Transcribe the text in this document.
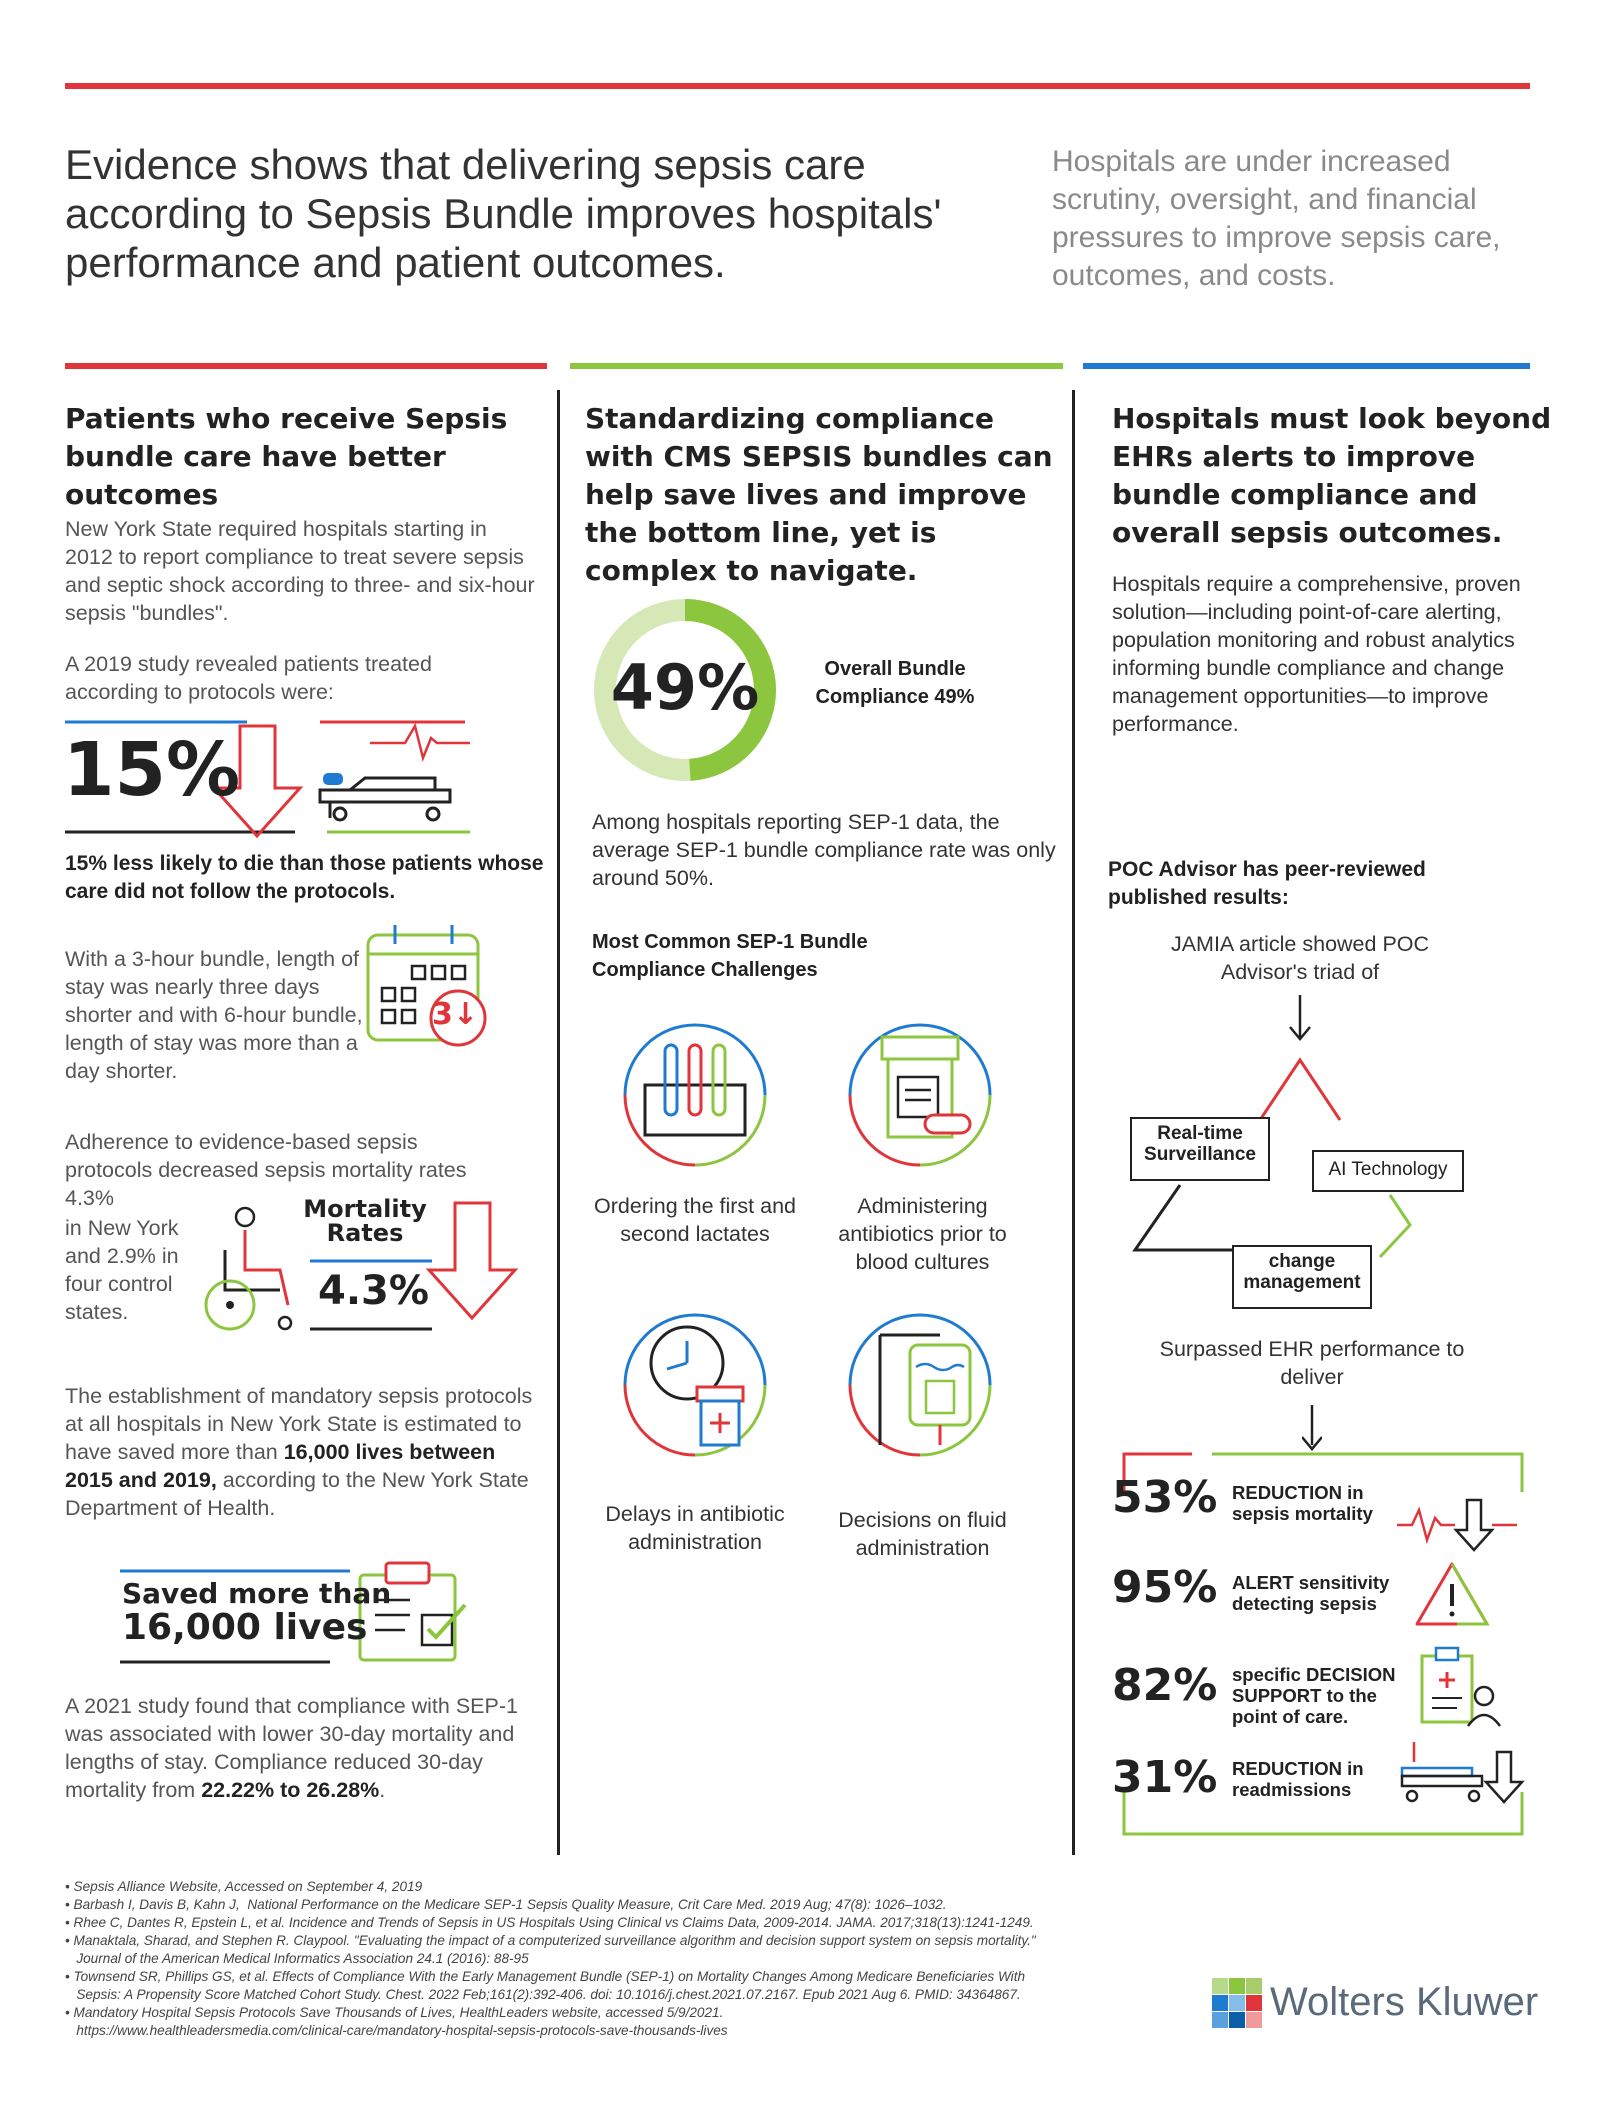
Evidence shows that delivering sepsis care according to Sepsis Bundle improves hospitals' performance and patient outcomes.
Hospitals are under increased scrutiny, oversight, and financial pressures to improve sepsis care, outcomes, and costs.
Patients who receive Sepsis bundle care have better outcomes
New York State required hospitals starting in 2012 to report compliance to treat severe sepsis and septic shock according to three- and six-hour sepsis "bundles".
A 2019 study revealed patients treated according to protocols were:
15%
15% less likely to die than those patients whose care did not follow the protocols.
With a 3-hour bundle, length of stay was nearly three days shorter and with 6-hour bundle, length of stay was more than a day shorter.
3↓
Adherence to evidence-based sepsis protocols decreased sepsis mortality rates 4.3%
in New York and 2.9% in four control states.
Mortality Rates
4.3%
The establishment of mandatory sepsis protocols at all hospitals in New York State is estimated to have saved more than 16,000 lives between 2015 and 2019, according to the New York State Department of Health.
Saved more than
16,000 lives
A 2021 study found that compliance with SEP-1 was associated with lower 30-day mortality and lengths of stay. Compliance reduced 30-day mortality from 22.22% to 26.28%.
Standardizing compliance with CMS SEPSIS bundles can help save lives and improve the bottom line, yet is complex to navigate.
49%	Overall Bundle Compliance 49%
Among hospitals reporting SEP-1 data, the average SEP-1 bundle compliance rate was only around 50%.
Most Common SEP-1 Bundle Compliance Challenges
Ordering the first and second lactates
Administering antibiotics prior to blood cultures
Delays in antibiotic administration
Decisions on fluid administration
Hospitals must look beyond EHRs alerts to improve bundle compliance and overall sepsis outcomes.
Hospitals require a comprehensive, proven solution—including point-of-care alerting, population monitoring and robust analytics informing bundle compliance and change management opportunities—to improve performance.
POC Advisor has peer-reviewed published results:
JAMIA article showed POC Advisor's triad of
Real-time Surveillance
AI Technology
change management
Surpassed EHR performance to deliver
53% REDUCTION in sepsis mortality
95% ALERT sensitivity detecting sepsis
82% specific DECISION SUPPORT to the point of care.
31% REDUCTION in readmissions
• Sepsis Alliance Website, Accessed on September 4, 2019
• Barbash I, Davis B, Kahn J,  National Performance on the Medicare SEP-1 Sepsis Quality Measure, Crit Care Med. 2019 Aug; 47(8): 1026–1032.
• Rhee C, Dantes R, Epstein L, et al. Incidence and Trends of Sepsis in US Hospitals Using Clinical vs Claims Data, 2009-2014. JAMA. 2017;318(13):1241-1249.
• Manaktala, Sharad, and Stephen R. Claypool. "Evaluating the impact of a computerized surveillance algorithm and decision support system on sepsis mortality."
Journal of the American Medical Informatics Association 24.1 (2016): 88-95
• Townsend SR, Phillips GS, et al. Effects of Compliance With the Early Management Bundle (SEP-1) on Mortality Changes Among Medicare Beneficiaries With
Sepsis: A Propensity Score Matched Cohort Study. Chest. 2022 Feb;161(2):392-406. doi: 10.1016/j.chest.2021.07.2167. Epub 2021 Aug 6. PMID: 34364867.
• Mandatory Hospital Sepsis Protocols Save Thousands of Lives, HealthLeaders website, accessed 5/9/2021.
https://www.healthleadersmedia.com/clinical-care/mandatory-hospital-sepsis-protocols-save-thousands-lives
Wolters Kluwer
